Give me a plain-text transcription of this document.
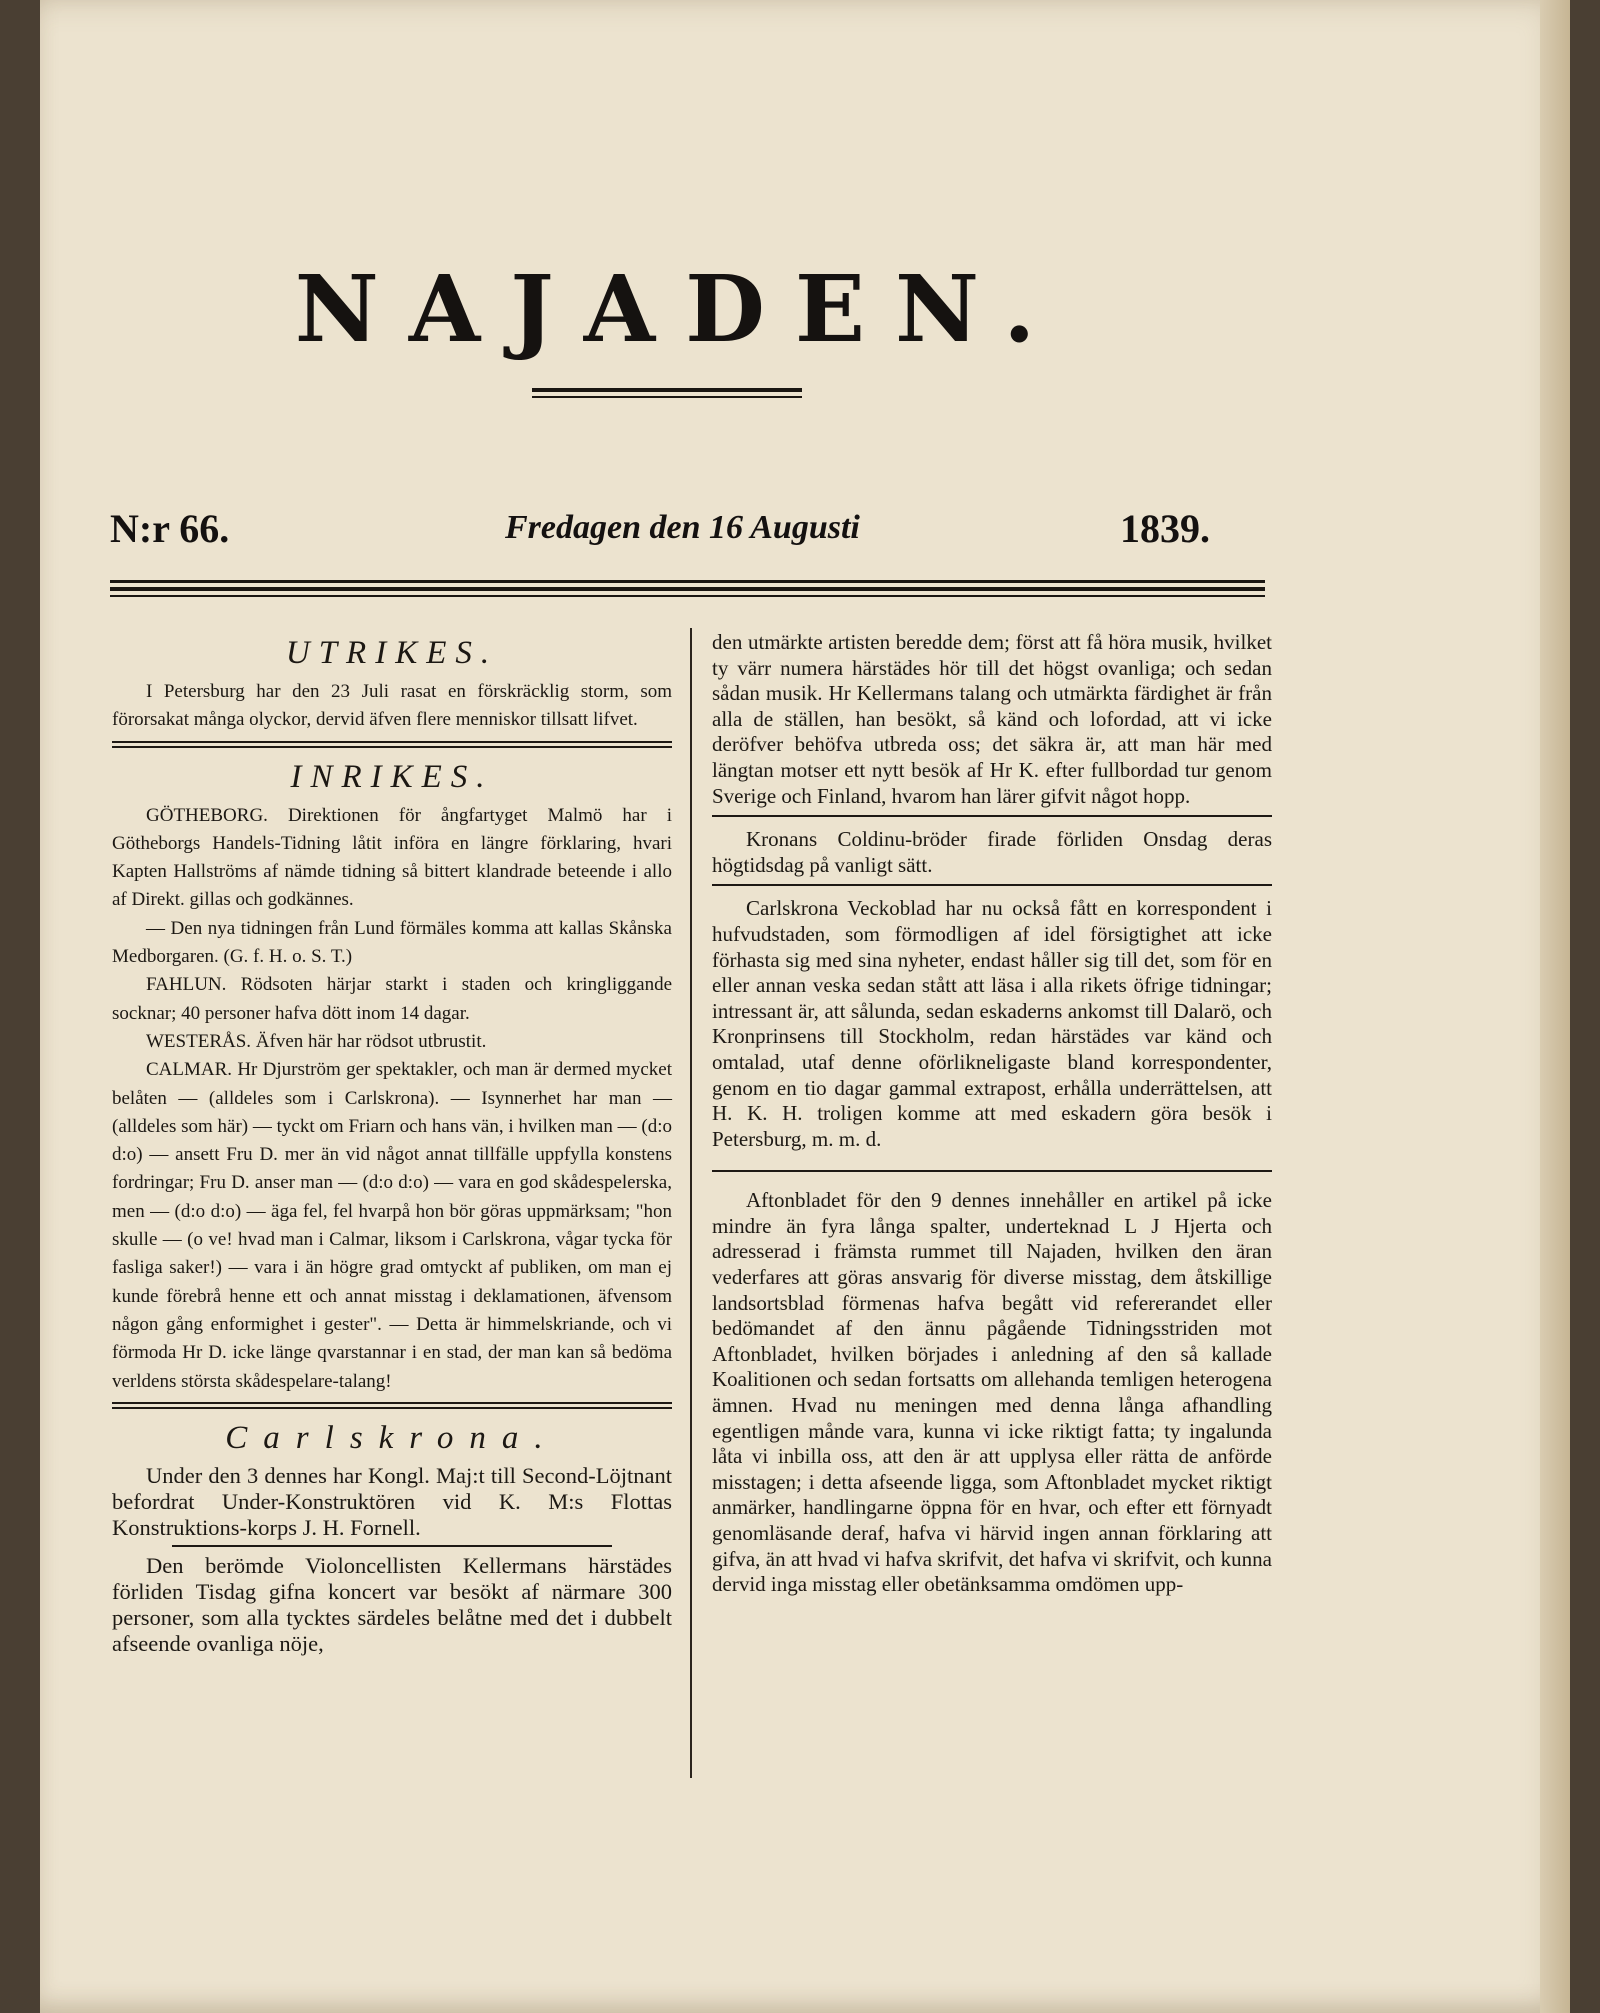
NAJADEN.
N:r 66.	Fredagen den 16 Augusti	1839.
UTRIKES.

I Petersburg har den 23 Juli rasat en förskräcklig storm, som förorsakat många olyckor, dervid äfven flere menniskor tillsatt lifvet.

INRIKES.

GÖTHEBORG. Direktionen för ångfartyget Malmö har i Götheborgs Handels-Tidning låtit införa en längre förklaring, hvari Kapten Hallströms af nämde tidning så bittert klandrade beteende i allo af Direkt. gillas och godkännes.

— Den nya tidningen från Lund förmäles komma att kallas Skånska Medborgaren. (G. f. H. o. S. T.)

FAHLUN. Rödsoten härjar starkt i staden och kringliggande socknar; 40 personer hafva dött inom 14 dagar.

WESTERÅS. Äfven här har rödsot utbrustit.

CALMAR. Hr Djurström ger spektakler, och man är dermed mycket belåten — (alldeles som i Carlskrona). — Isynnerhet har man — (alldeles som här) — tyckt om Friarn och hans vän, i hvilken man — (d:o d:o) — ansett Fru D. mer än vid något annat tillfälle uppfylla konstens fordringar; Fru D. anser man — (d:o d:o) — vara en god skådespelerska, men — (d:o d:o) — äga fel, fel hvarpå hon bör göras uppmärksam; "hon skulle — (o ve! hvad man i Calmar, liksom i Carlskrona, vågar tycka för fasliga saker!) — vara i än högre grad omtyckt af publiken, om man ej kunde förebrå henne ett och annat misstag i deklamationen, äfvensom någon gång enformighet i gester". — Detta är himmelskriande, och vi förmoda Hr D. icke länge qvarstannar i en stad, der man kan så bedöma verldens största skådespelare-talang!

Carlskrona.

Under den 3 dennes har Kongl. Maj:t till Second-Löjtnant befordrat Under-Konstruktören vid K. M:s Flottas Konstruktions-korps J. H. Fornell.

Den berömde Violoncellisten Kellermans härstädes förliden Tisdag gifna koncert var besökt af närmare 300 personer, som alla tycktes särdeles belåtne med det i dubbelt afseende ovanliga nöje,

den utmärkte artisten beredde dem; först att få höra musik, hvilket ty värr numera härstädes hör till det högst ovanliga; och sedan sådan musik. Hr Kellermans talang och utmärkta färdighet är från alla de ställen, han besökt, så känd och lofordad, att vi icke deröfver behöfva utbreda oss; det säkra är, att man här med längtan motser ett nytt besök af Hr K. efter fullbordad tur genom Sverige och Finland, hvarom han lärer gifvit något hopp.

Kronans Coldinu-bröder firade förliden Onsdag deras högtidsdag på vanligt sätt.

Carlskrona Veckoblad har nu också fått en korrespondent i hufvudstaden, som förmodligen af idel försigtighet att icke förhasta sig med sina nyheter, endast håller sig till det, som för en eller annan veska sedan stått att läsa i alla rikets öfrige tidningar; intressant är, att sålunda, sedan eskaderns ankomst till Dalarö, och Kronprinsens till Stockholm, redan härstädes var känd och omtalad, utaf denne oförlikneligaste bland korrespondenter, genom en tio dagar gammal extrapost, erhålla underrättelsen, att H. K. H. troligen komme att med eskadern göra besök i Petersburg, m. m. d.

Aftonbladet för den 9 dennes innehåller en artikel på icke mindre än fyra långa spalter, underteknad L J Hjerta och adresserad i främsta rummet till Najaden, hvilken den äran vederfares att göras ansvarig för diverse misstag, dem åtskillige landsortsblad förmenas hafva begått vid refererandet eller bedömandet af den ännu pågående Tidningsstriden mot Aftonbladet, hvilken börjades i anledning af den så kallade Koalitionen och sedan fortsatts om allehanda temligen heterogena ämnen. Hvad nu meningen med denna långa afhandling egentligen månde vara, kunna vi icke riktigt fatta; ty ingalunda låta vi inbilla oss, att den är att upplysa eller rätta de anförde misstagen; i detta afseende ligga, som Aftonbladet mycket riktigt anmärker, handlingarne öppna för en hvar, och efter ett förnyadt genomläsande deraf, hafva vi härvid ingen annan förklaring att gifva, än att hvad vi hafva skrifvit, det hafva vi skrifvit, och kunna dervid inga misstag eller obetänksamma omdömen upp-
